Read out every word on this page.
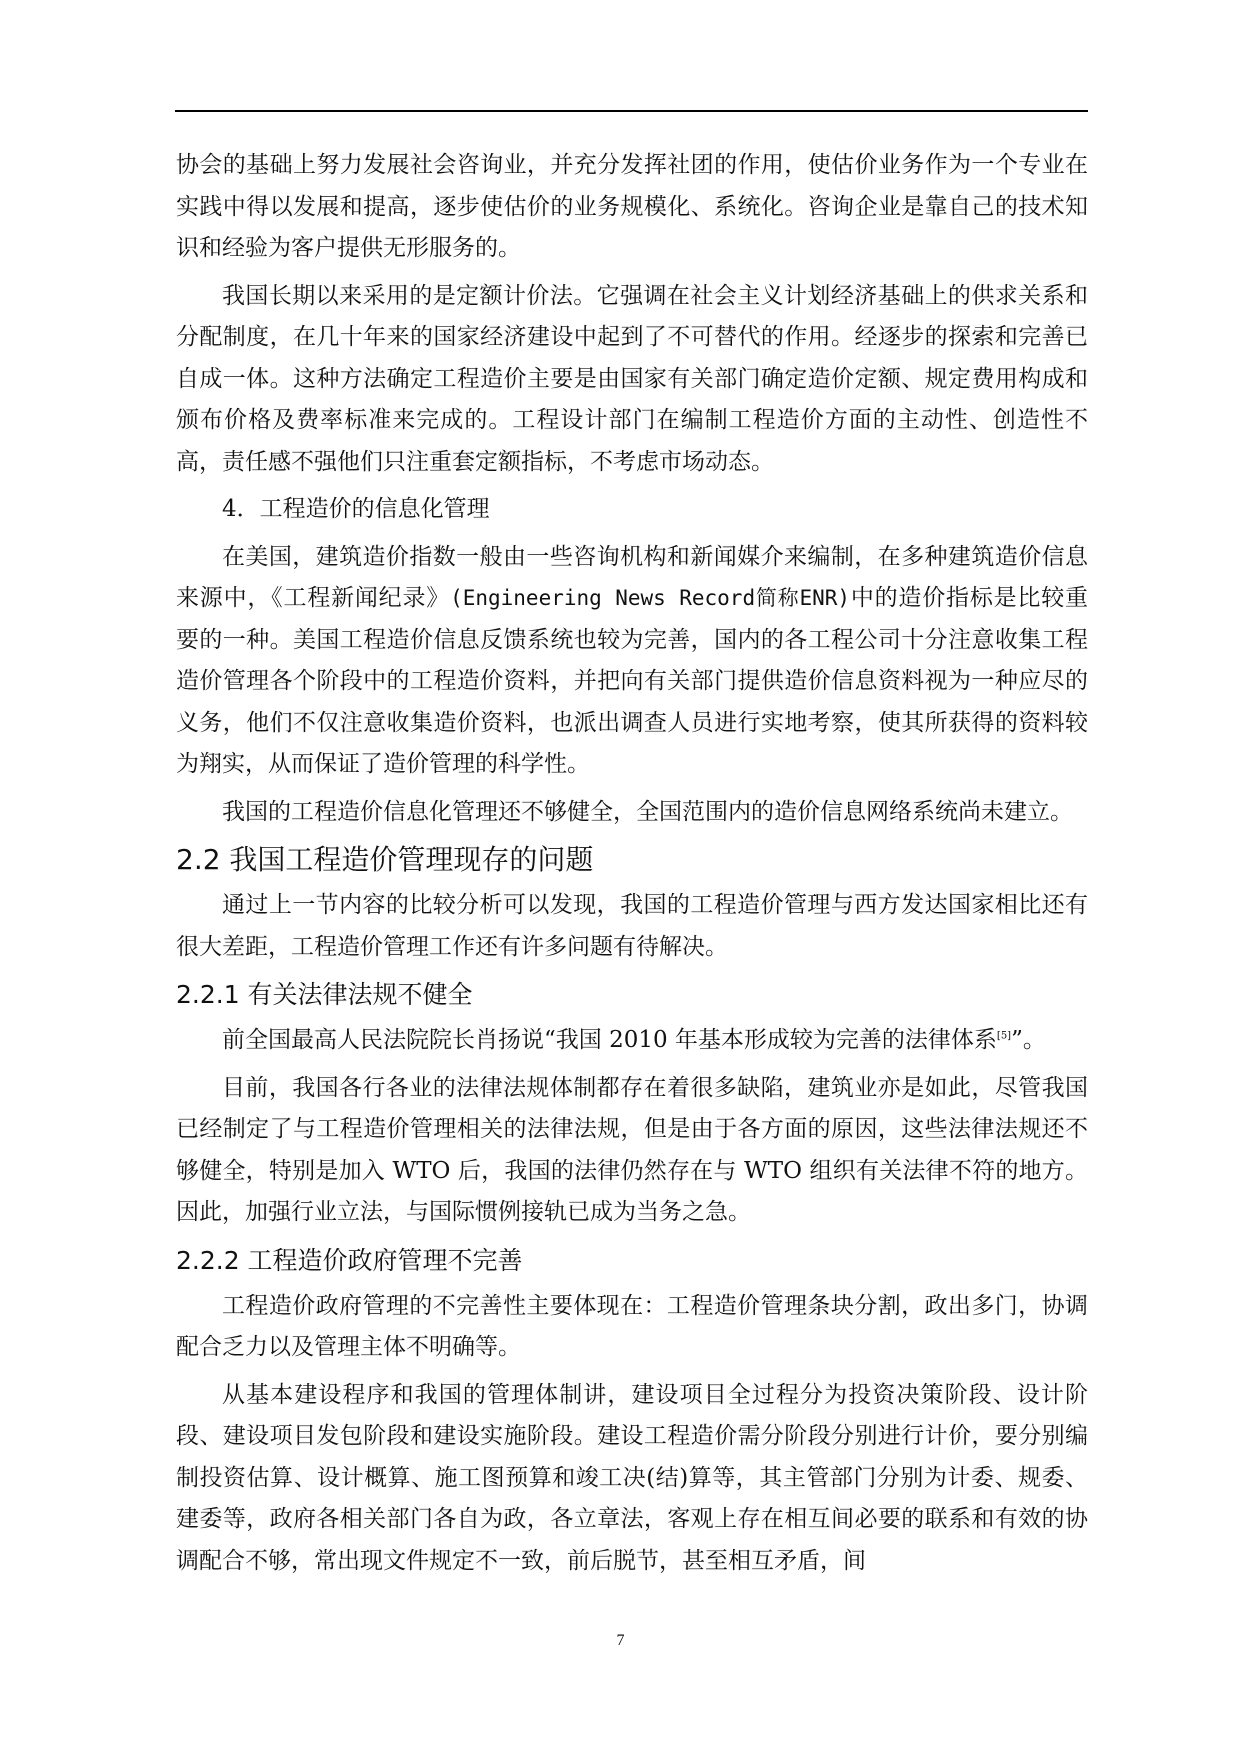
协会的基础上努力发展社会咨询业，并充分发挥社团的作用，使估价业务作为一个专业在实践中得以发展和提高，逐步使估价的业务规模化、系统化。咨询企业是靠自己的技术知识和经验为客户提供无形服务的。

我国长期以来采用的是定额计价法。它强调在社会主义计划经济基础上的供求关系和分配制度，在几十年来的国家经济建设中起到了不可替代的作用。经逐步的探索和完善已自成一体。这种方法确定工程造价主要是由国家有关部门确定造价定额、规定费用构成和颁布价格及费率标准来完成的。工程设计部门在编制工程造价方面的主动性、创造性不高，责任感不强他们只注重套定额指标，不考虑市场动态。

4．工程造价的信息化管理

在美国，建筑造价指数一般由一些咨询机构和新闻媒介来编制，在多种建筑造价信息来源中，《工程新闻纪录》(Engineering News Record简称ENR)中的造价指标是比较重要的一种。美国工程造价信息反馈系统也较为完善，国内的各工程公司十分注意收集工程造价管理各个阶段中的工程造价资料，并把向有关部门提供造价信息资料视为一种应尽的义务，他们不仅注意收集造价资料，也派出调查人员进行实地考察，使其所获得的资料较为翔实，从而保证了造价管理的科学性。

我国的工程造价信息化管理还不够健全，全国范围内的造价信息网络系统尚未建立。

2.2 我国工程造价管理现存的问题

通过上一节内容的比较分析可以发现，我国的工程造价管理与西方发达国家相比还有很大差距，工程造价管理工作还有许多问题有待解决。

2.2.1 有关法律法规不健全

前全国最高人民法院院长肖扬说“我国 2010 年基本形成较为完善的法律体系[5]”。

目前，我国各行各业的法律法规体制都存在着很多缺陷，建筑业亦是如此，尽管我国已经制定了与工程造价管理相关的法律法规，但是由于各方面的原因，这些法律法规还不够健全，特别是加入 WTO 后，我国的法律仍然存在与 WTO 组织有关法律不符的地方。因此，加强行业立法，与国际惯例接轨已成为当务之急。

2.2.2 工程造价政府管理不完善

工程造价政府管理的不完善性主要体现在：工程造价管理条块分割，政出多门，协调配合乏力以及管理主体不明确等。

从基本建设程序和我国的管理体制讲，建设项目全过程分为投资决策阶段、设计阶段、建设项目发包阶段和建设实施阶段。建设工程造价需分阶段分别进行计价，要分别编制投资估算、设计概算、施工图预算和竣工决(结)算等，其主管部门分别为计委、规委、建委等，政府各相关部门各自为政，各立章法，客观上存在相互间必要的联系和有效的协调配合不够，常出现文件规定不一致，前后脱节，甚至相互矛盾，间

7
